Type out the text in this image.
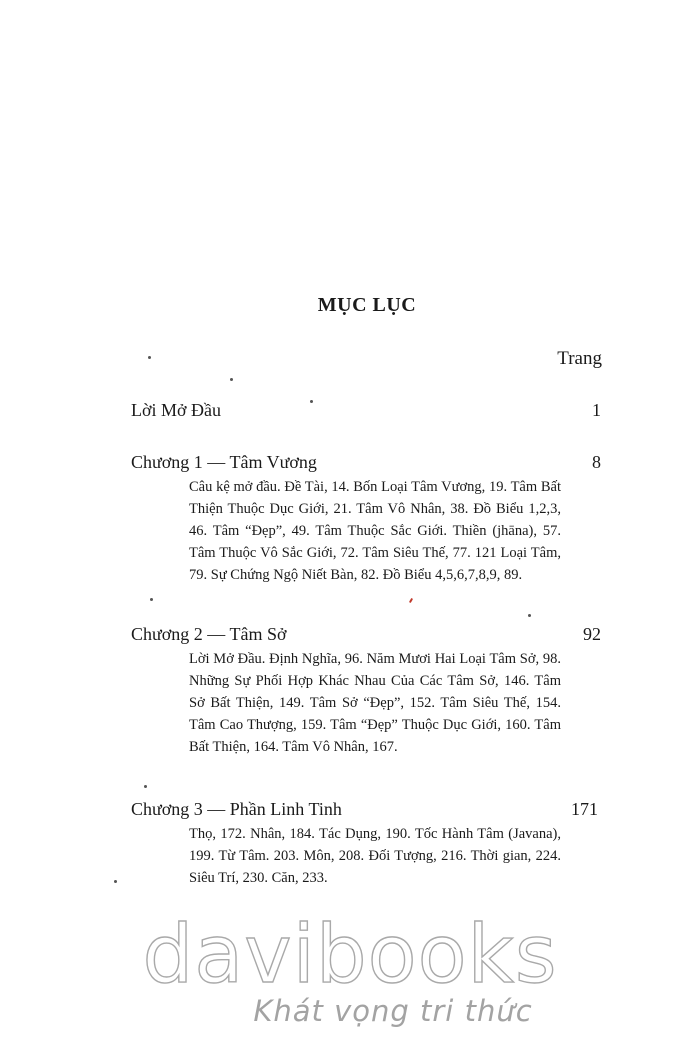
MỤC LỤC
Trang
Lời Mở Đầu	1
Chương 1 — Tâm Vương	8
Câu kệ mở đầu. Đề Tài, 14. Bốn Loại Tâm Vương, 19. Tâm Bất Thiện Thuộc Dục Giới, 21. Tâm Vô Nhân, 38. Đồ Biểu 1,2,3, 46. Tâm “Đẹp”, 49. Tâm Thuộc Sắc Giới. Thiền (jhāna), 57. Tâm Thuộc Vô Sắc Giới, 72. Tâm Siêu Thế, 77. 121 Loại Tâm, 79. Sự Chứng Ngộ Niết Bàn, 82. Đồ Biểu 4,5,6,7,8,9, 89.
Chương 2 — Tâm Sở	92
Lời Mở Đầu. Định Nghĩa, 96. Năm Mươi Hai Loại Tâm Sở, 98. Những Sự Phối Hợp Khác Nhau Của Các Tâm Sở, 146. Tâm Sở Bất Thiện, 149. Tâm Sở “Đẹp”, 152. Tâm Siêu Thế, 154. Tâm Cao Thượng, 159. Tâm “Đẹp” Thuộc Dục Giới, 160. Tâm Bất Thiện, 164. Tâm Vô Nhân, 167.
Chương 3 — Phần Linh Tinh	171
Thọ, 172. Nhân, 184. Tác Dụng, 190. Tốc Hành Tâm (Javana), 199. Từ Tâm. 203. Môn, 208. Đối Tượng, 216. Thời gian, 224. Siêu Trí, 230. Căn, 233.
davibooks
Khát vọng tri thức
